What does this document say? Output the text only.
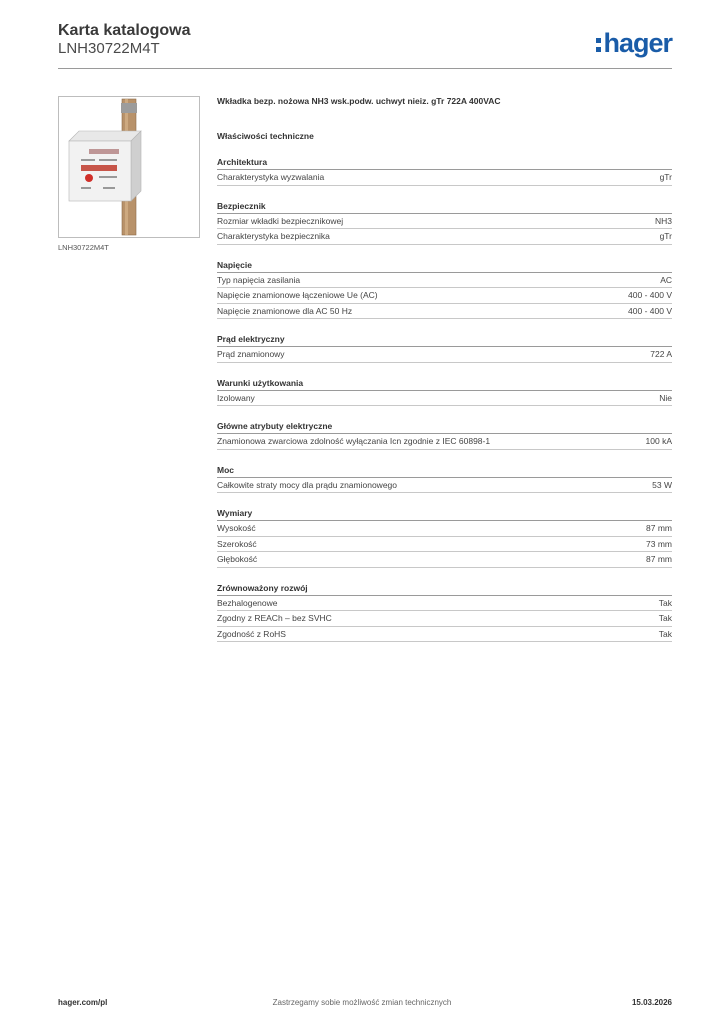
Karta katalogowa
LNH30722M4T	hager
LNH30722M4T
Wkładka bezp. nożowa NH3 wsk.podw. uchwyt nieiz. gTr 722A 400VAC
Właściwości techniczne
Architektura
Charakterystyka wyzwalania	gTr
Bezpiecznik
Rozmiar wkładki bezpiecznikowej	NH3
Charakterystyka bezpiecznika	gTr
Napięcie
Typ napięcia zasilania	AC
Napięcie znamionowe łączeniowe Ue (AC)	400 - 400 V
Napięcie znamionowe dla AC 50 Hz	400 - 400 V
Prąd elektryczny
Prąd znamionowy	722 A
Warunki użytkowania
Izolowany	Nie
Główne atrybuty elektryczne
Znamionowa zwarciowa zdolność wyłączania Icn zgodnie z IEC 60898-1	100 kA
Moc
Całkowite straty mocy dla prądu znamionowego	53 W
Wymiary
Wysokość	87 mm
Szerokość	73 mm
Głębokość	87 mm
Zrównoważony rozwój
Bezhalogenowe	Tak
Zgodny z REACh – bez SVHC	Tak
Zgodność z RoHS	Tak
hager.com/pl	Zastrzegamy sobie możliwość zmian technicznych	15.03.2026
